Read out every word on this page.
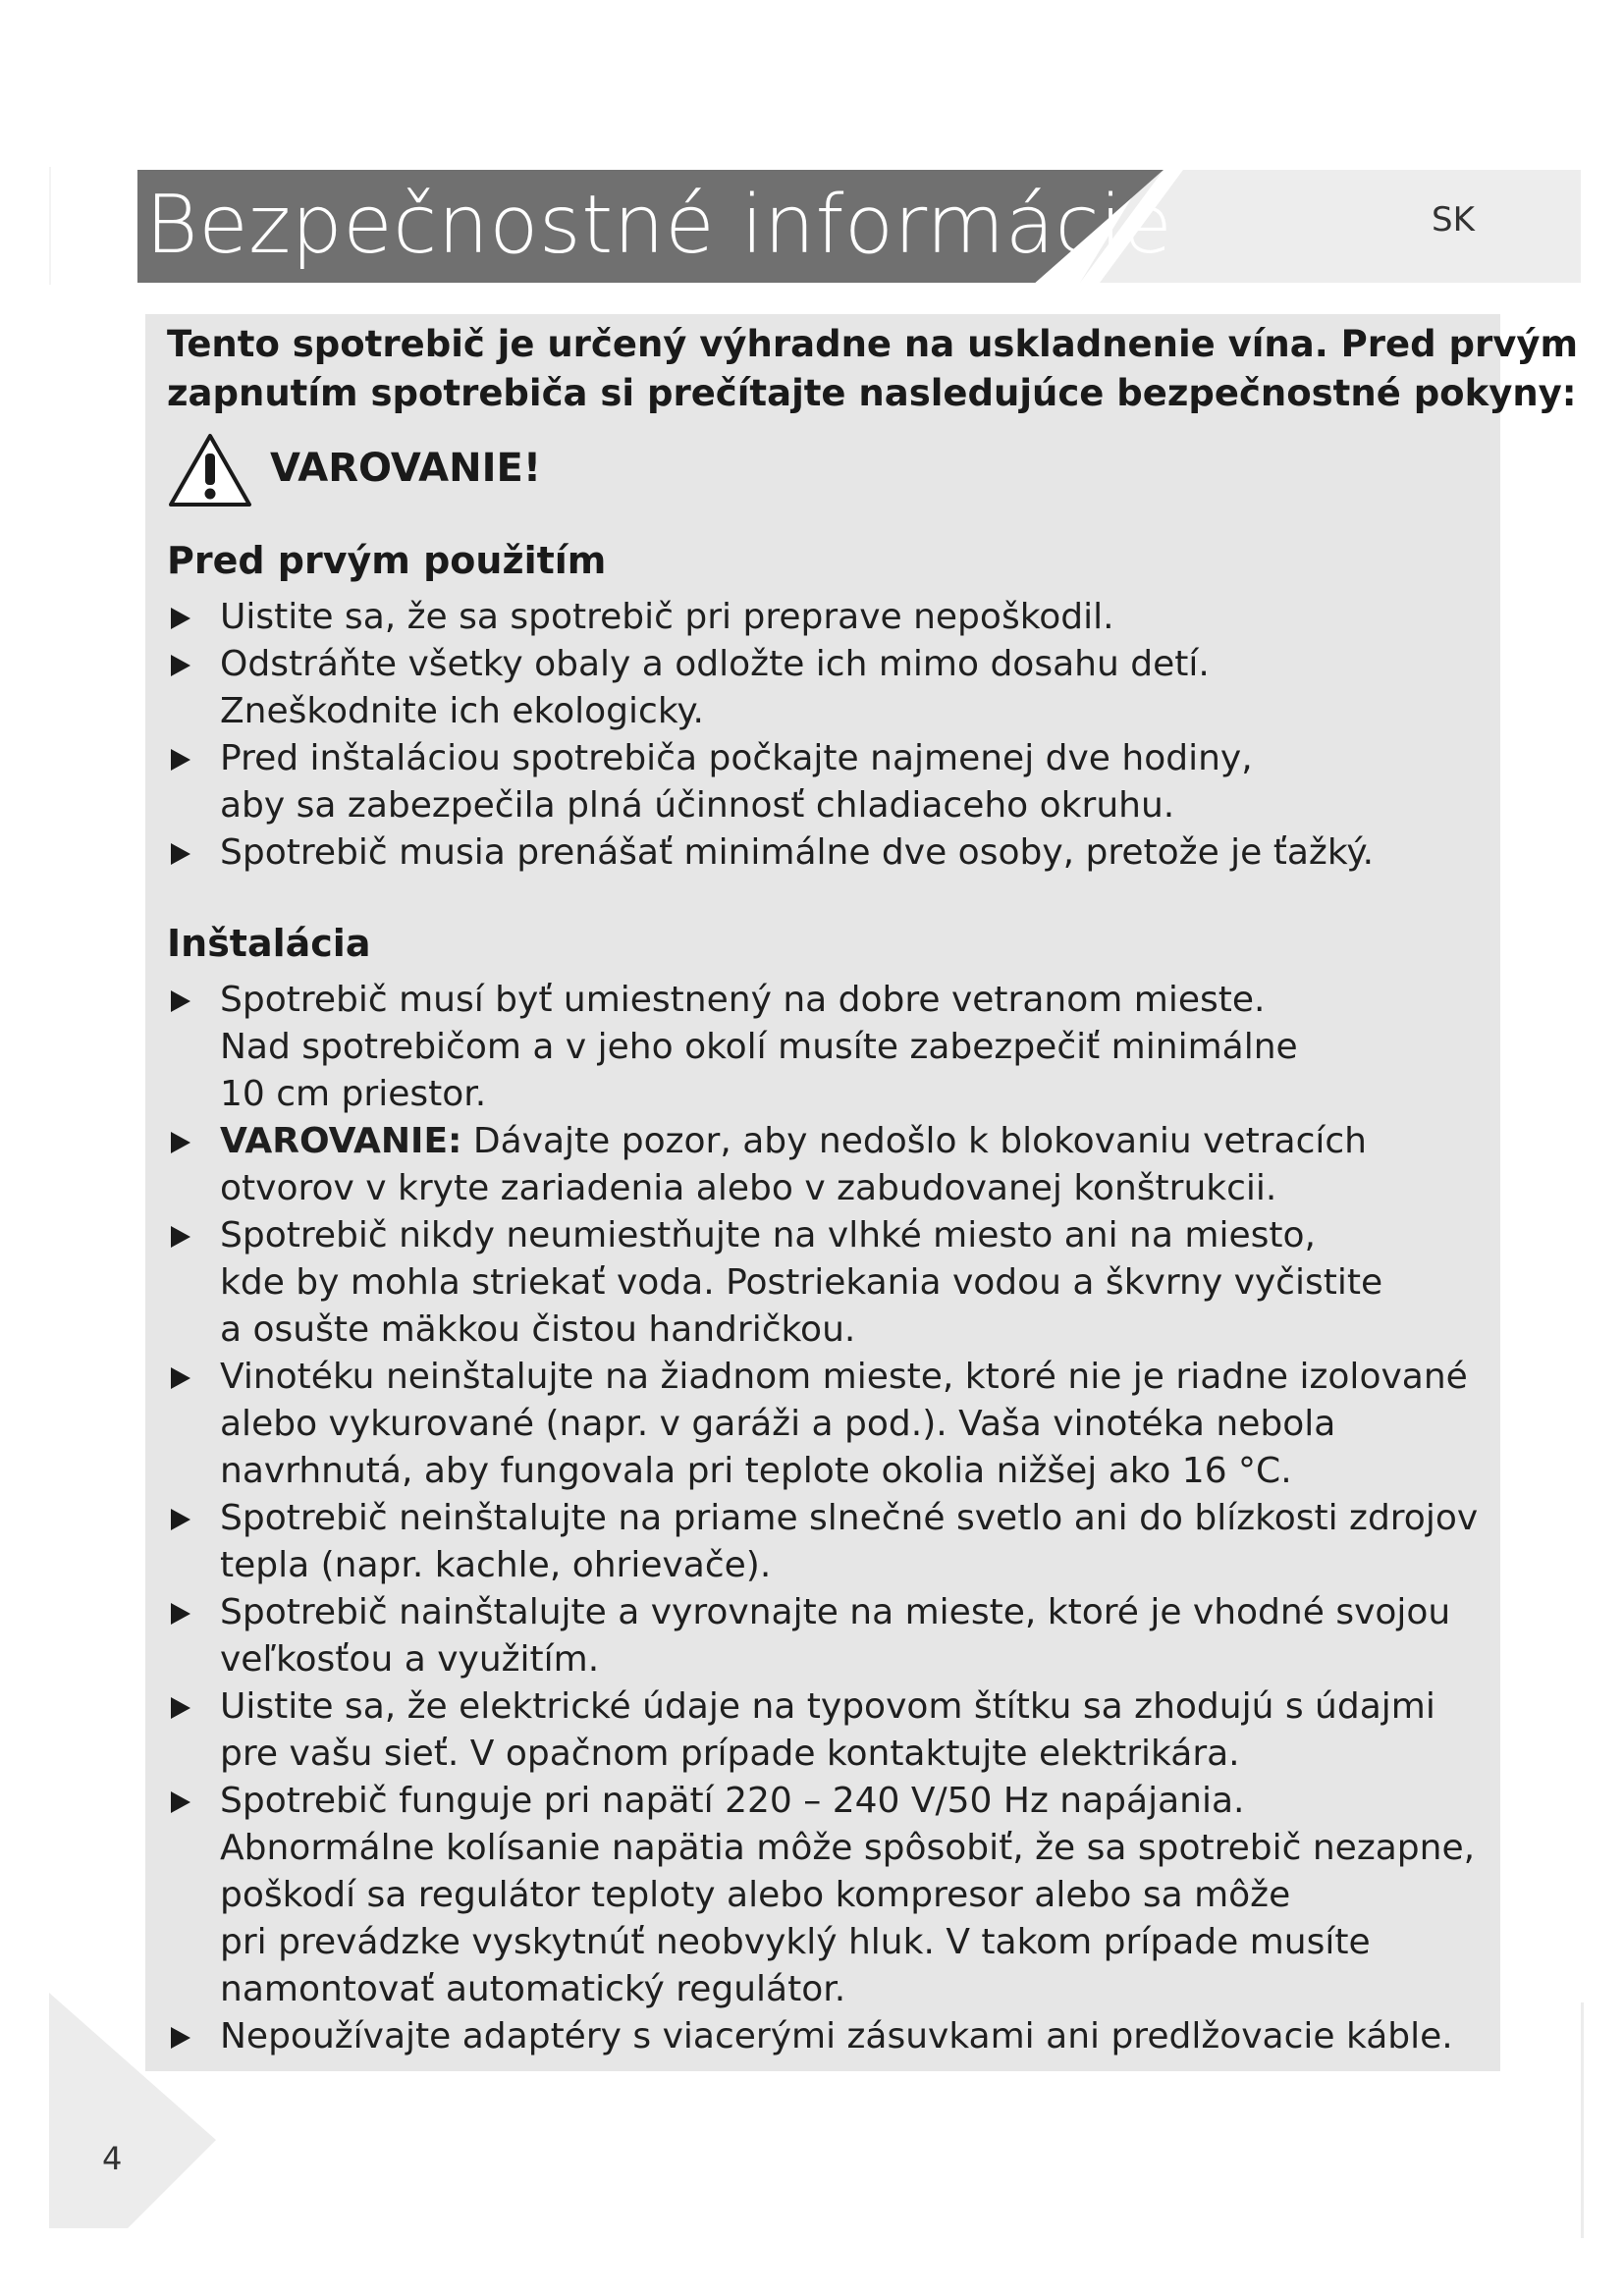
Bezpečnostné informácie	SK
Tento spotrebič je určený výhradne na uskladnenie vína. Pred prvým
zapnutím spotrebiča si prečítajte nasledujúce bezpečnostné pokyny:
VAROVANIE!
Pred prvým použitím
Uistite sa, že sa spotrebič pri preprave nepoškodil.
Odstráňte všetky obaly a odložte ich mimo dosahu detí.
Zneškodnite ich ekologicky.
Pred inštaláciou spotrebiča počkajte najmenej dve hodiny,
aby sa zabezpečila plná účinnosť chladiaceho okruhu.
Spotrebič musia prenášať minimálne dve osoby, pretože je ťažký.
Inštalácia
Spotrebič musí byť umiestnený na dobre vetranom mieste.
Nad spotrebičom a v jeho okolí musíte zabezpečiť minimálne
10 cm priestor.
VAROVANIE: Dávajte pozor, aby nedošlo k blokovaniu vetracích
otvorov v kryte zariadenia alebo v zabudovanej konštrukcii.
Spotrebič nikdy neumiestňujte na vlhké miesto ani na miesto,
kde by mohla striekať voda. Postriekania vodou a škvrny vyčistite
a osušte mäkkou čistou handričkou.
Vinotéku neinštalujte na žiadnom mieste, ktoré nie je riadne izolované
alebo vykurované (napr. v garáži a pod.). Vaša vinotéka nebola
navrhnutá, aby fungovala pri teplote okolia nižšej ako 16 °C.
Spotrebič neinštalujte na priame slnečné svetlo ani do blízkosti zdrojov
tepla (napr. kachle, ohrievače).
Spotrebič nainštalujte a vyrovnajte na mieste, ktoré je vhodné svojou
veľkosťou a využitím.
Uistite sa, že elektrické údaje na typovom štítku sa zhodujú s údajmi
pre vašu sieť. V opačnom prípade kontaktujte elektrikára.
Spotrebič funguje pri napätí 220 – 240 V/50 Hz napájania.
Abnormálne kolísanie napätia môže spôsobiť, že sa spotrebič nezapne,
poškodí sa regulátor teploty alebo kompresor alebo sa môže
pri prevádzke vyskytnúť neobvyklý hluk. V takom prípade musíte
namontovať automatický regulátor.
Nepoužívajte adaptéry s viacerými zásuvkami ani predlžovacie káble.
4
